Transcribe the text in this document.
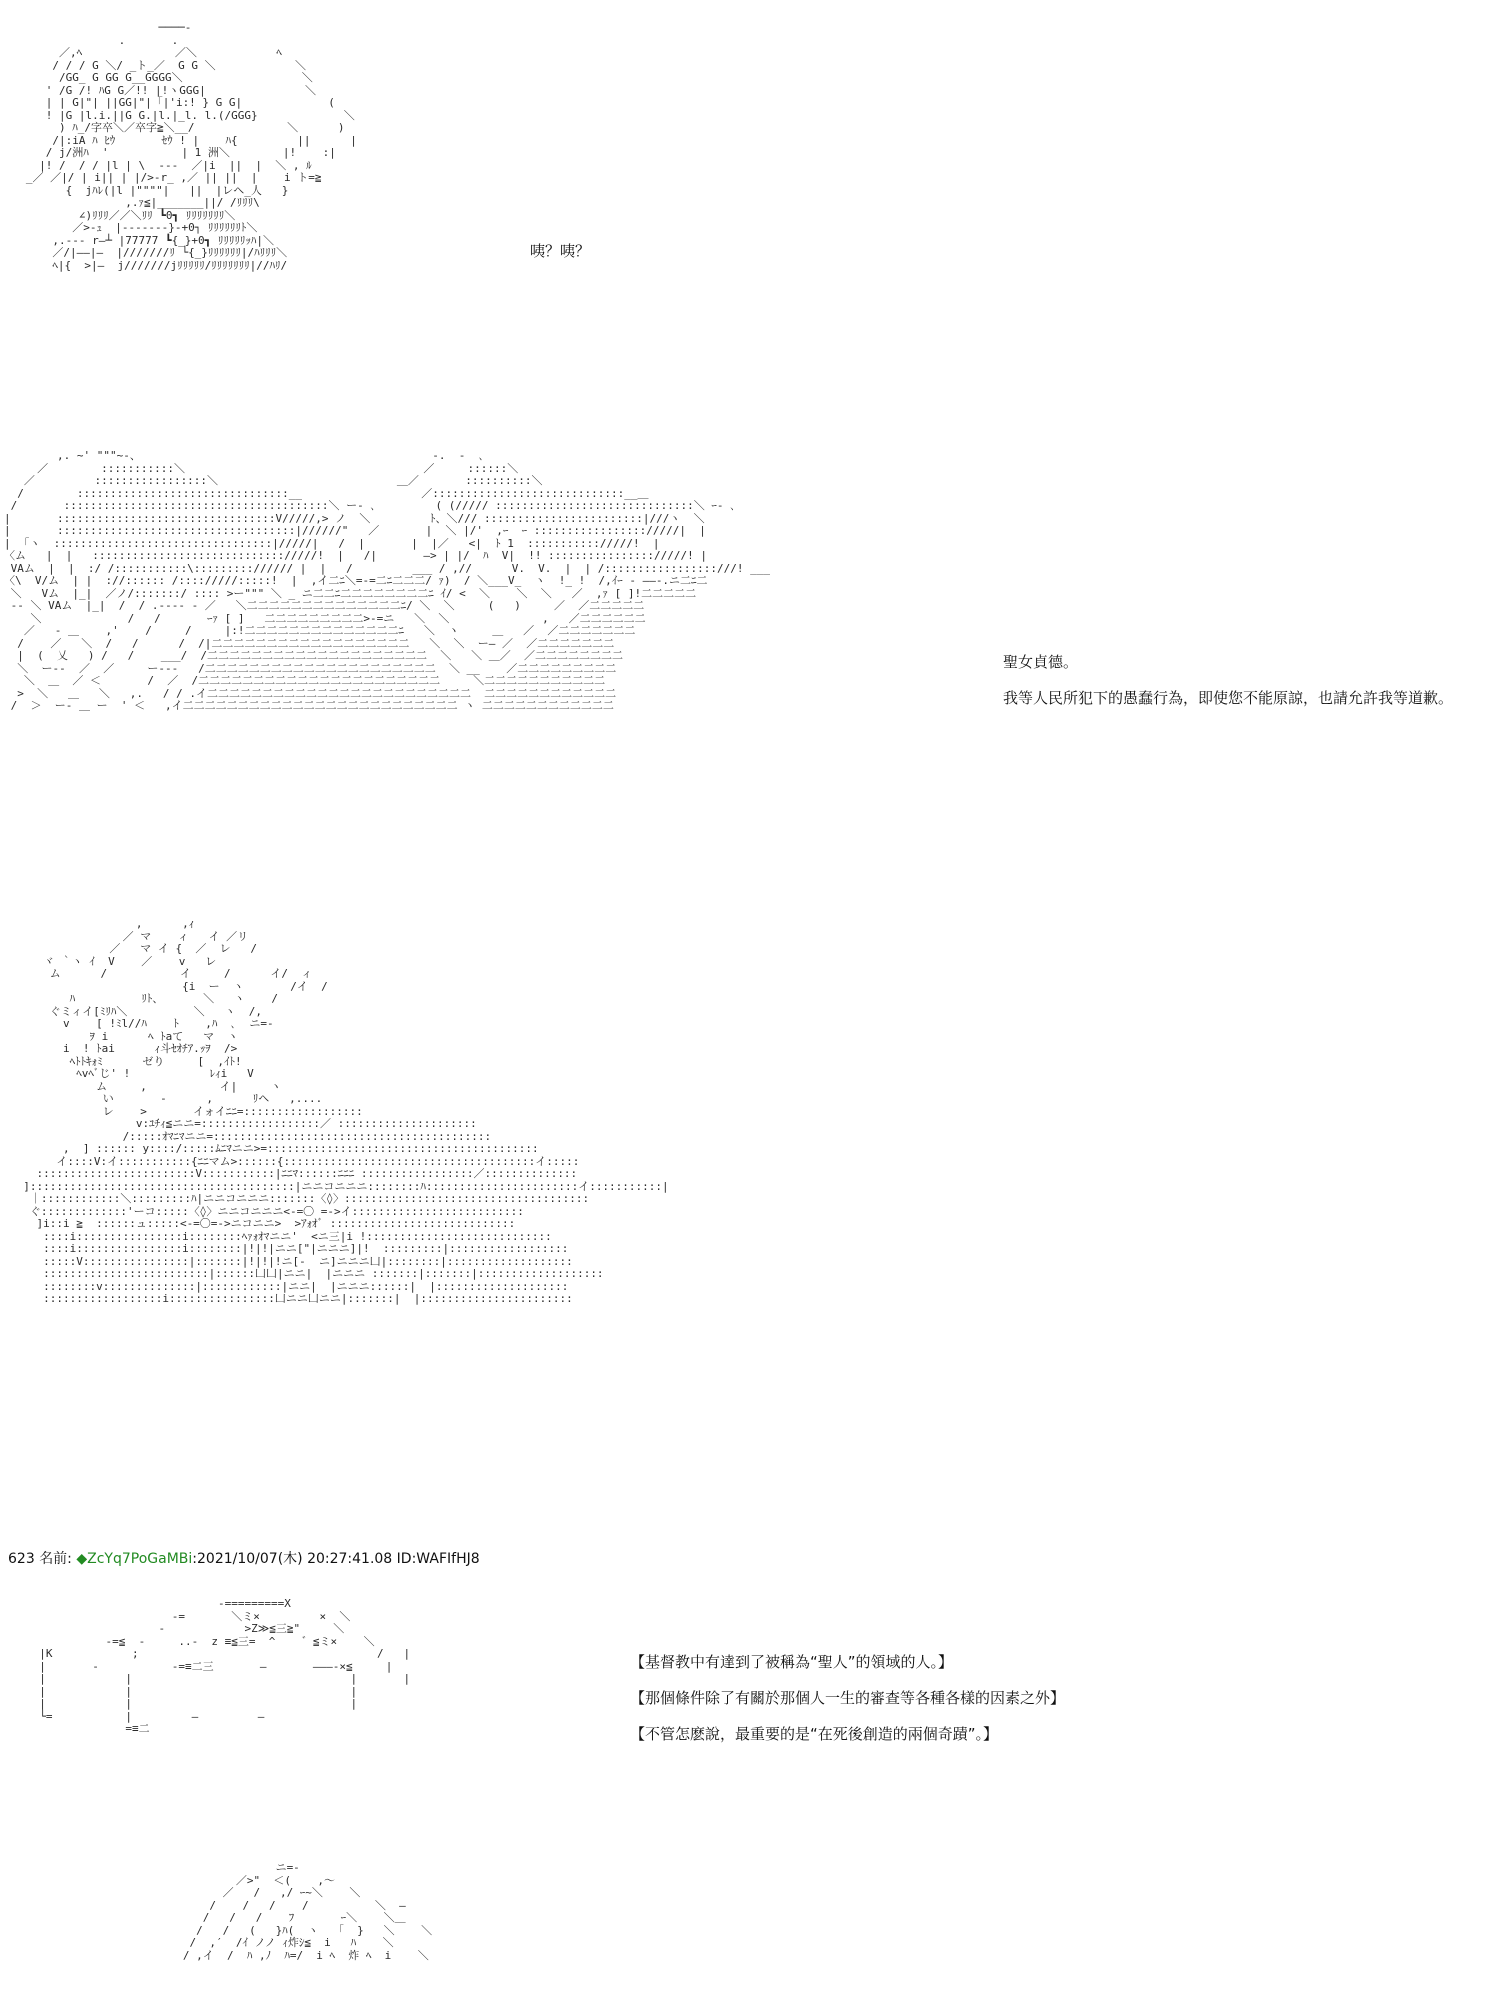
────-
.       .
／,ﾍ              ／＼            ﾍ
/ / / G ＼/ _ト_／  G G ＼            ＼
/GG_ G GG G__GGGG＼                  ＼
' /G /! ﾊG G／!! |!ヽGGG|               ＼
| | G|"| ||GG|"|「|'i:! } G G|             (
! |G |l.i.||G G.|l.|_l. l.(/GGG}             ＼
) ﾊ_/字卒＼／卒字≧＼__/              ＼      )
/|:iA ﾊ ﾋｳ       ｾｳ ! |    ﾊ{         ||      |
/ j/洲ﾊ  '           | 1 洲＼        |!    :|
|! /  / / |l | \  ---  ／|i  ||  |  ＼ , ﾙ
_／ ／|/ | i|| | |/>-r_ ,／ || ||  |    i ト=≧
{  jﾊﾚ(|l |""""|   ||  |レヘ_人   }
,.ｧ≦|_______||/ /ﾘﾘﾘ\
∠)ﾘﾘﾘ／／＼ﾘﾘ ┗0┓ ﾘﾘﾘﾘﾘﾘﾘ＼
／>-ｭ  |-------}-+0┐ ﾘﾘﾘﾘﾘﾘﾄ＼
,.--- r―┴ |77777 ┗{_}+0┓ ﾘﾘﾘﾘﾘｯﾊ|＼
／/|――|―  |///////ﾘ └{_}ﾘﾘﾘﾘﾘﾘ|/ﾊﾘﾘﾘ＼
ﾍ|{  >|―  j///////jﾘﾘﾘﾘﾘ/ﾘﾘﾘﾘﾘﾘﾘ|//ﾊﾘ/
咦？咦？
,. ~' """~-、                                            -.  -  ､
／        :::::::::::＼                                    ／     ::::::＼
／         :::::::::::::::::＼                           ＿／       ::::::::::＼
/        ::::::::::::::::::::::::::::::::__                  ／:::::::::::::::::::::::::::::__＿
/       ::::::::::::::::::::::::::::::::::::::::＼ ー- ､         ( (///// ::::::::::::::::::::::::::::::＼ ｰ- ､
|       :::::::::::::::::::::::::::::::::V/////,> ノ  ＼         ﾄ、＼/// ::::::::::::::::::::::::|///ヽ  ＼
|       ::::::::::::::::::::::::::::::::::::|//////"   ／       |  ＼ |/'  ,ｰ  ｰ ::::::::::::::::://///|  |
|  ｢ヽ  :::::::::::::::::::::::::::::::::|/////|   /  |       |  |／   <|  ﾄ 1  ::::::::::://///!  |
〈ム   |  |   ::::::::::::::::::::::::::::://///!  |   /|       —> | |/  ﾊ  V|  !! :::::::::::::::://///! |
VAム  |  |  :/ /:::::::::::\:::::::::////// |  |   /         ___ / ,//      V.  V.  |  | /:::::::::::::::::///! ___
〈\  V/ム  | |  ://:::::: /:::://///:::::!  |  ,イ二ﾆ＼=-=二ﾆ二二二/ ｧ)  / ＼___V_  ヽ  !_ !  /,ｲｰ ‐ ――-.ニ二ﾆ二
＼   Vム  |_|  ／ノ/:::::::/ :::: >ー""" ＼ _ ニ二二ﾆ二二二二二二二二ﾆ ｲ/ <  ＼    ＼  ＼   ／  ,ｧ [ ]!二二二二二
-‐ ＼ VAム  |_|  /  / .-‐‐- ‐ ／   ＼二二二二二二二二二二二二二二ﾆ/ ＼  ＼     (   )     ／  ／二二二二二
＼             /   /       ｰｧ [ ]   二二二二二二二二二>-=ニ   ＼  ＼              ,   ／二二二二二二
／   ‐ ＿    ,'    /     /     |:!二二二二二二二二二二二二二二ﾆ   ＼  ヽ     ＿   ／  ／二二二二二二二
/    ／   ＼  /   /      /  /|二二二二二二二二二二二二二二二二二二   ＼  ＼  ー― ／  ／二二二二二二二
|  (  乂   ) /   /    ___/  /二二二二二二二二二二二二二二二二二二二二  ＼   ＼ ＿／  ／二二二二二二二二
＼  ー‐‐  ／  ／     ー‐‐‐   /二二二二二二二二二二二二二二二二二二二二二  ＼ __    ／二二二二二二二二二
＼  ＿  ／ ＜       /  ／  /二二二二二二二二二二二二二二二二二二二二二二     ＼二二二二二二二二二二二
>  ＼   ＿   ＼   ,.   / / .イ二二二二二二二二二二二二二二二二二二二二二二二二  二二二二二二二二二二二二
/  ＞  ー- ＿ ー  ' ＜   ,イ二二二二二二二二二二二二二二二二二二二二二二二二二 ヽ 二二二二二二二二二二二二
聖女貞德。
我等人民所犯下的愚蠢行為，即使您不能原諒，也請允許我等道歉。
,      ,ｨ
／ マ    ィ   イ ／リ
／   マ イ {  ／  レ   /
ヾ ｀ヽ ｲ  V    ／    v   レ
ム      /           イ     /      イ/  ィ
{i  ー  ヽ       /イ  /
ﾊ          ﾘﾄ、      ＼   ヽ    /
ぐミィイ[ﾐﾘﾊ＼          ＼   ヽ  /,
v    [ !ﾐl//ﾊ    ﾄ    ,ﾊ  ､  ニ=-
ｦ i      ﾍ ﾄaて   マ  ヽ
i  ! ﾄai      ｨ斗ｾｵﾁｱ.ｯｦ  />
ﾍﾄﾄｷｫﾐ      ゼり     [  ,ｲﾄ!
ﾍvﾍﾞじ' !            ﾚｨi   V
ム     ,           イ|     ヽ
い       -      ,      ﾘヘ   ,....
レ    >       イォイﾆﾆ=::::::::::::::::::
v:ﾕﾁｨ≦ニニ=::::::::::::::::::／ :::::::::::::::::::::
/:::::ｵﾏﾆﾏニニ=::::::::::::::::::::::::::::::::::::::::::
,  ] :::::: y::::/:::::ﾑﾆﾏニニ>=:::::::::::::::::::::::::::::::::::::::::
イ::::V:イ:::::::::::{ﾆﾆマム>::::::{::::::::::::::::::::::::::::::::::::::イ:::::
::::::::::::::::::::::::V:::::::::::|ﾆﾆﾏ::::::ﾆﾆﾆ :::::::::::::::::／::::::::::::::
]::::::::::::::::::::::::::::::::::::::::|ニニコニニニ::::::::ﾊ:::::::::::::::::::::::イ:::::::::::|
｜::::::::::::＼:::::::::ﾊ|ニニコニニニ:::::::〈◊〉:::::::::::::::::::::::::::::::::::::
ぐ:::::::::::::'ーコ:::::〈◊〉ニニコニニニ<-=〇 =->イ::::::::::::::::::::::::::
]i::i ≧  ::::::ュ:::::<-=〇=->ニコニニ>  >ｱｫｵﾞ ::::::::::::::::::::::::::::
::::i::::::::::::::::i::::::::ﾍｧｫｵﾏニニ'  <ニ三|i !::::::::::::::::::::::::::::
::::i::::::::::::::::i::::::::|!|!|ニニ["|ニニニ]|!  :::::::::|::::::::::::::::::
:::::V::::::::::::::::|:::::::|!|!|!ニ[-  ニ]ニニニ凵|::::::::|:::::::::::::::::::
:::::::::::::::::::::::::|::::::凵凵|ニニ|  |ニニニ :::::::|:::::::|:::::::::::::::::::
::::::::v::::::::::::::|::::::::::::|ニニ|  |ニニニ::::::|  |::::::::::::::::::::
::::::::::::::::::i::::::::::::::::凵ニニ凵ニニ|:::::::|  |:::::::::::::::::::::::
623 名前: ◆ZcYq7PoGaMBi:2021/10/07(木) 20:27:41.08 ID:WAFIfHJ8
-=========X
-=       ＼ミ×         ×  ＼
-            >Z≫≦三≧"     ＼
-=≦  -     ..-  z ≡≦三=  ^    ゛≦ミ×    ＼
|K            ;                                    /   |
|       -           -=≡二三       ―       ―――-×≦     |
|            |                                 |       |
|            |                                 |
|            |                                 |
└=           |         ―         ―
=≡二
【基督教中有達到了被稱為“聖人”的領域的人。】
【那個條件除了有關於那個人一生的審查等各種各樣的因素之外】
【不管怎麽說，最重要的是“在死後創造的兩個奇蹟”。】
ニ=-
／>"  ＜(    ,～
／   /   ,/ ｰ~＼    ＼
/    /   /    /          ＼  ―
/   /   /    ﾌ       ｰ＼    ＼＿
/   /   (   }ﾊ(  ヽ   ｢  }   ＼    ＼
/  ,′  /ｲ ノノ ｨ炸ｼ≦  i   ﾊ    ＼
/ ,イ  /  ﾊ ,ﾉ  ﾊ=/  i ﾍ  炸 ﾍ  i    ＼
